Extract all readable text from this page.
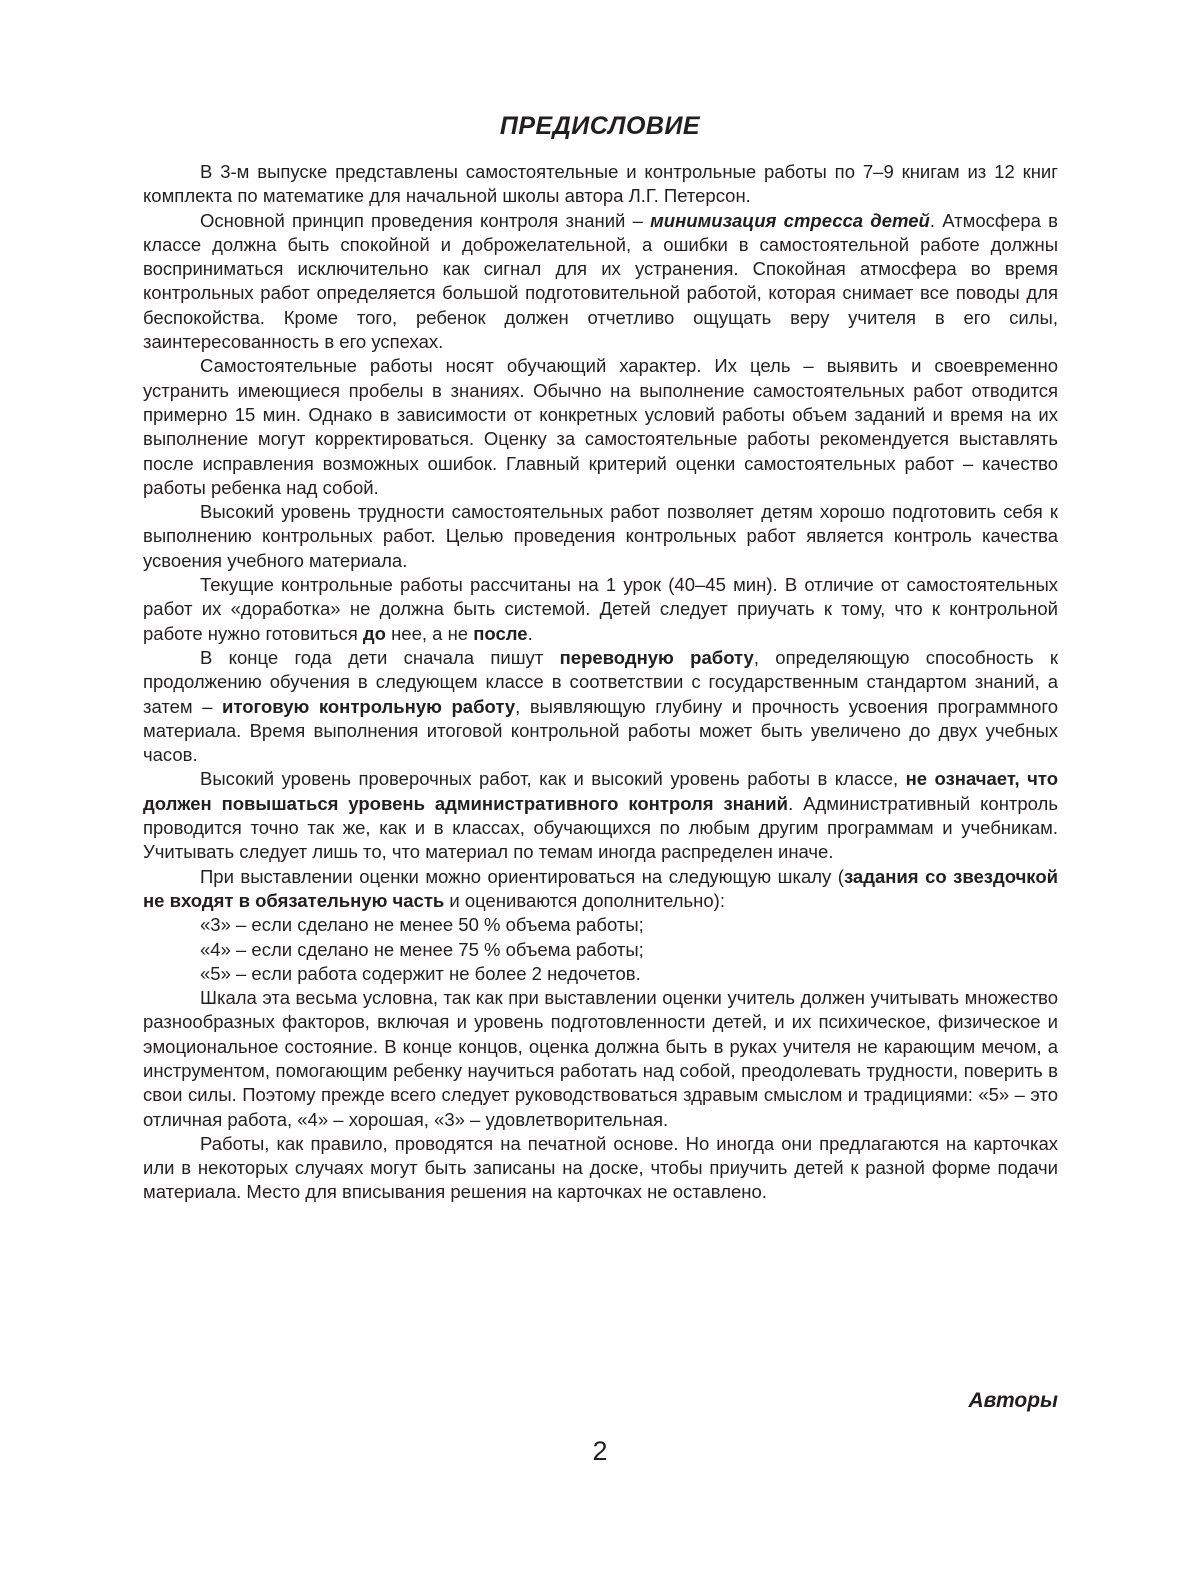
ПРЕДИСЛОВИЕ

В 3-м выпуске представлены самостоятельные и контрольные работы по 7–9 книгам из 12 книг комплекта по математике для начальной школы автора Л.Г. Петерсон.

Основной принцип проведения контроля знаний – минимизация стресса детей. Атмосфера в классе должна быть спокойной и доброжелательной, а ошибки в самостоятельной работе должны восприниматься исключительно как сигнал для их устранения. Спокойная атмосфера во время контрольных работ определяется большой подготовительной работой, которая снимает все поводы для беспокойства. Кроме того, ребенок должен отчетливо ощущать веру учителя в его силы, заинтересованность в его успехах.

Самостоятельные работы носят обучающий характер. Их цель – выявить и своевременно устранить имеющиеся пробелы в знаниях. Обычно на выполнение самостоятельных работ отводится примерно 15 мин. Однако в зависимости от конкретных условий работы объем заданий и время на их выполнение могут корректироваться. Оценку за самостоятельные работы рекомендуется выставлять после исправления возможных ошибок. Главный критерий оценки самостоятельных работ – качество работы ребенка над собой.

Высокий уровень трудности самостоятельных работ позволяет детям хорошо подготовить себя к выполнению контрольных работ. Целью проведения контрольных работ является контроль качества усвоения учебного материала.

Текущие контрольные работы рассчитаны на 1 урок (40–45 мин). В отличие от самостоятельных работ их «доработка» не должна быть системой. Детей следует приучать к тому, что к контрольной работе нужно готовиться до нее, а не после.

В конце года дети сначала пишут переводную работу, определяющую способность к продолжению обучения в следующем классе в соответствии с государственным стандартом знаний, а затем – итоговую контрольную работу, выявляющую глубину и прочность усвоения программного материала. Время выполнения итоговой контрольной работы может быть увеличено до двух учебных часов.

Высокий уровень проверочных работ, как и высокий уровень работы в классе, не означает, что должен повышаться уровень административного контроля знаний. Административный контроль проводится точно так же, как и в классах, обучающихся по любым другим программам и учебникам. Учитывать следует лишь то, что материал по темам иногда распределен иначе.

При выставлении оценки можно ориентироваться на следующую шкалу (задания со звездочкой не входят в обязательную часть и оцениваются дополнительно):

«3» – если сделано не менее 50 % объема работы;

«4» – если сделано не менее 75 % объема работы;

«5» – если работа содержит не более 2 недочетов.

Шкала эта весьма условна, так как при выставлении оценки учитель должен учитывать множество разнообразных факторов, включая и уровень подготовленности детей, и их психическое, физическое и эмоциональное состояние. В конце концов, оценка должна быть в руках учителя не карающим мечом, а инструментом, помогающим ребенку научиться работать над собой, преодолевать трудности, поверить в свои силы. Поэтому прежде всего следует руководствоваться здравым смыслом и традициями: «5» – это отличная работа, «4» – хорошая, «3» – удовлетворительная.

Работы, как правило, проводятся на печатной основе. Но иногда они предлагаются на карточках или в некоторых случаях могут быть записаны на доске, чтобы приучить детей к разной форме подачи материала. Место для вписывания решения на карточках не оставлено.

Авторы

2
